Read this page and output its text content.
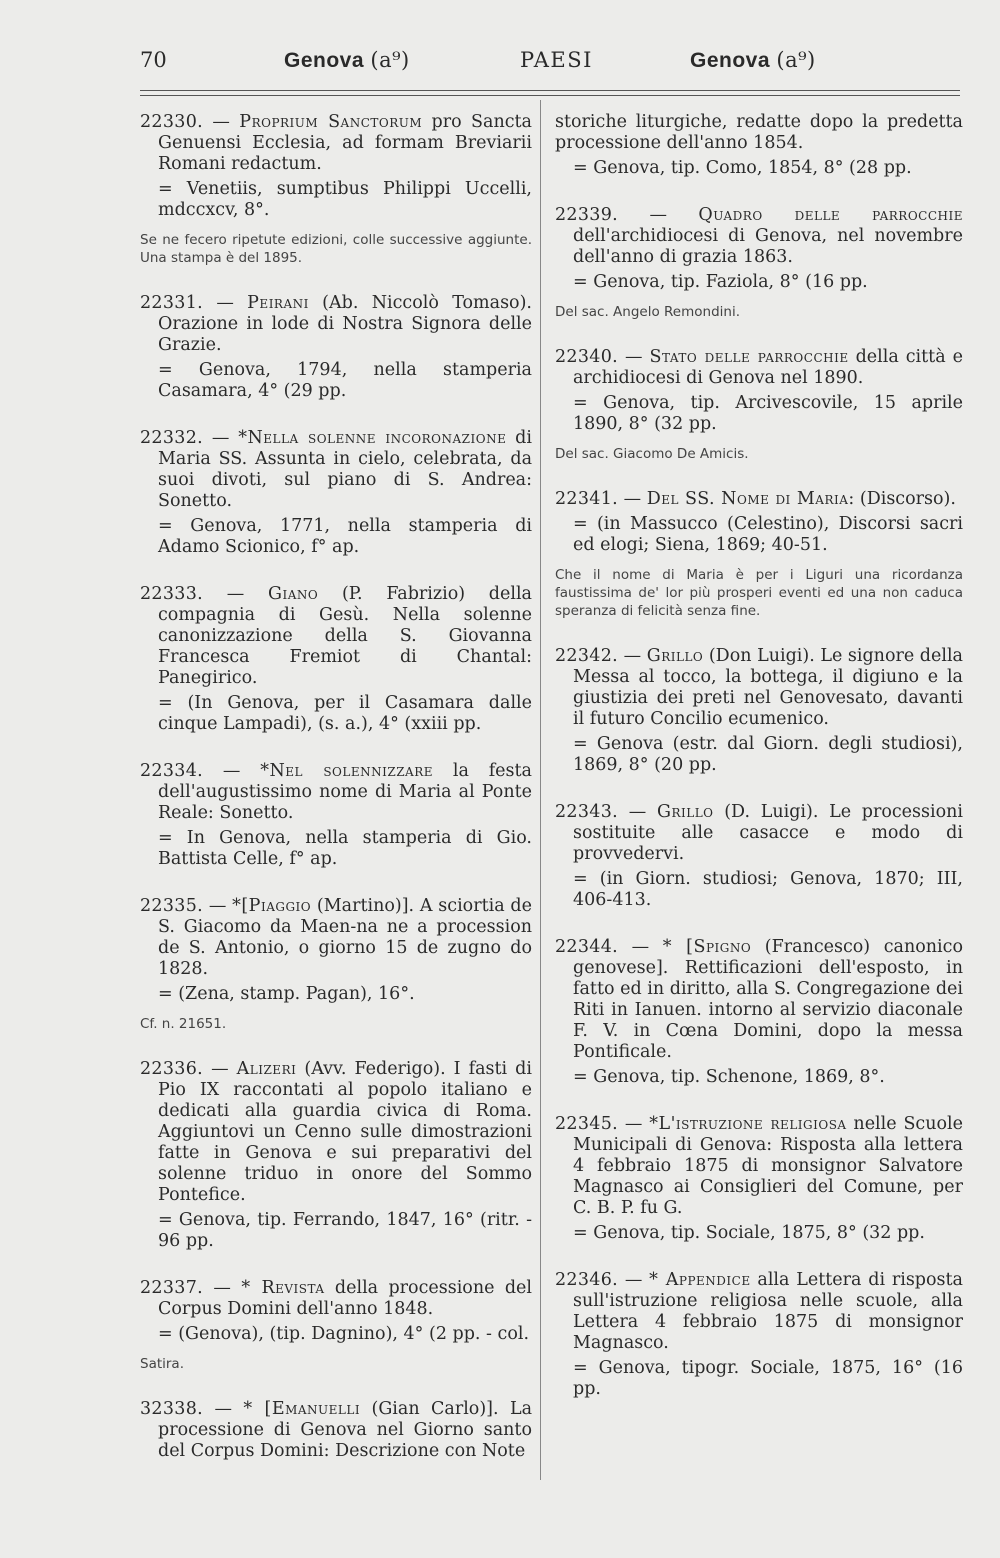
70	Genova (a⁹)	PAESI	Genova (a⁹)

22330. — Proprium Sanctorum pro Sancta Genuensi Ecclesia, ad formam Breviarii Romani redactum.

= Venetiis, sumptibus Philippi Uccelli, mdccxcv, 8°.

Se ne fecero ripetute edizioni, colle successive aggiunte. Una stampa è del 1895.

22331. — Peirani (Ab. Niccolò Tomaso). Orazione in lode di Nostra Signora delle Grazie.

= Genova, 1794, nella stamperia Casamara, 4° (29 pp.

22332. — *Nella solenne incoronazione di Maria SS. Assunta in cielo, celebrata, da suoi divoti, sul piano di S. Andrea: Sonetto.

= Genova, 1771, nella stamperia di Adamo Scionico, f° ap.

22333. — Giano (P. Fabrizio) della compagnia di Gesù. Nella solenne canonizzazione della S. Giovanna Francesca Fremiot di Chantal: Panegirico.

= (In Genova, per il Casamara dalle cinque Lampadi), (s. a.), 4° (xxiii pp.

22334. — *Nel solennizzare la festa dell'augustissimo nome di Maria al Ponte Reale: Sonetto.

= In Genova, nella stamperia di Gio. Battista Celle, f° ap.

22335. — *[Piaggio (Martino)]. A sciortia de S. Giacomo da Maen-na ne a procession de S. Antonio, o giorno 15 de zugno do 1828.

= (Zena, stamp. Pagan), 16°.

Cf. n. 21651.

22336. — Alizeri (Avv. Federigo). I fasti di Pio IX raccontati al popolo italiano e dedicati alla guardia civica di Roma. Aggiuntovi un Cenno sulle dimostrazioni fatte in Genova e sui preparativi del solenne triduo in onore del Sommo Pontefice.

= Genova, tip. Ferrando, 1847, 16° (ritr. - 96 pp.

22337. — * Revista della processione del Corpus Domini dell'anno 1848.

= (Genova), (tip. Dagnino), 4° (2 pp. - col.

Satira.

32338. — * [Emanuelli (Gian Carlo)]. La processione di Genova nel Giorno santo del Corpus Domini: Descrizione con Note

storiche liturgiche, redatte dopo la predetta processione dell'anno 1854.

= Genova, tip. Como, 1854, 8° (28 pp.

22339. — Quadro delle parrocchie dell'archidiocesi di Genova, nel novembre dell'anno di grazia 1863.

= Genova, tip. Faziola, 8° (16 pp.

Del sac. Angelo Remondini.

22340. — Stato delle parrocchie della città e archidiocesi di Genova nel 1890.

= Genova, tip. Arcivescovile, 15 aprile 1890, 8° (32 pp.

Del sac. Giacomo De Amicis.

22341. — Del SS. Nome di Maria: (Discorso).

= (in Massucco (Celestino), Discorsi sacri ed elogi; Siena, 1869; 40-51.

Che il nome di Maria è per i Liguri una ricordanza faustissima de' lor più prosperi eventi ed una non caduca speranza di felicità senza fine.

22342. — Grillo (Don Luigi). Le signore della Messa al tocco, la bottega, il digiuno e la giustizia dei preti nel Genovesato, davanti il futuro Concilio ecumenico.

= Genova (estr. dal Giorn. degli studiosi), 1869, 8° (20 pp.

22343. — Grillo (D. Luigi). Le processioni sostituite alle casacce e modo di provvedervi.

= (in Giorn. studiosi; Genova, 1870; III, 406-413.

22344. — * [Spigno (Francesco) canonico genovese]. Rettificazioni dell'esposto, in fatto ed in diritto, alla S. Congregazione dei Riti in Ianuen. intorno al servizio diaconale F. V. in Cœna Domini, dopo la messa Pontificale.

= Genova, tip. Schenone, 1869, 8°.

22345. — *L'istruzione religiosa nelle Scuole Municipali di Genova: Risposta alla lettera 4 febbraio 1875 di monsignor Salvatore Magnasco ai Consiglieri del Comune, per C. B. P. fu G.

= Genova, tip. Sociale, 1875, 8° (32 pp.

22346. — * Appendice alla Lettera di risposta sull'istruzione religiosa nelle scuole, alla Lettera 4 febbraio 1875 di monsignor Magnasco.

= Genova, tipogr. Sociale, 1875, 16° (16 pp.
